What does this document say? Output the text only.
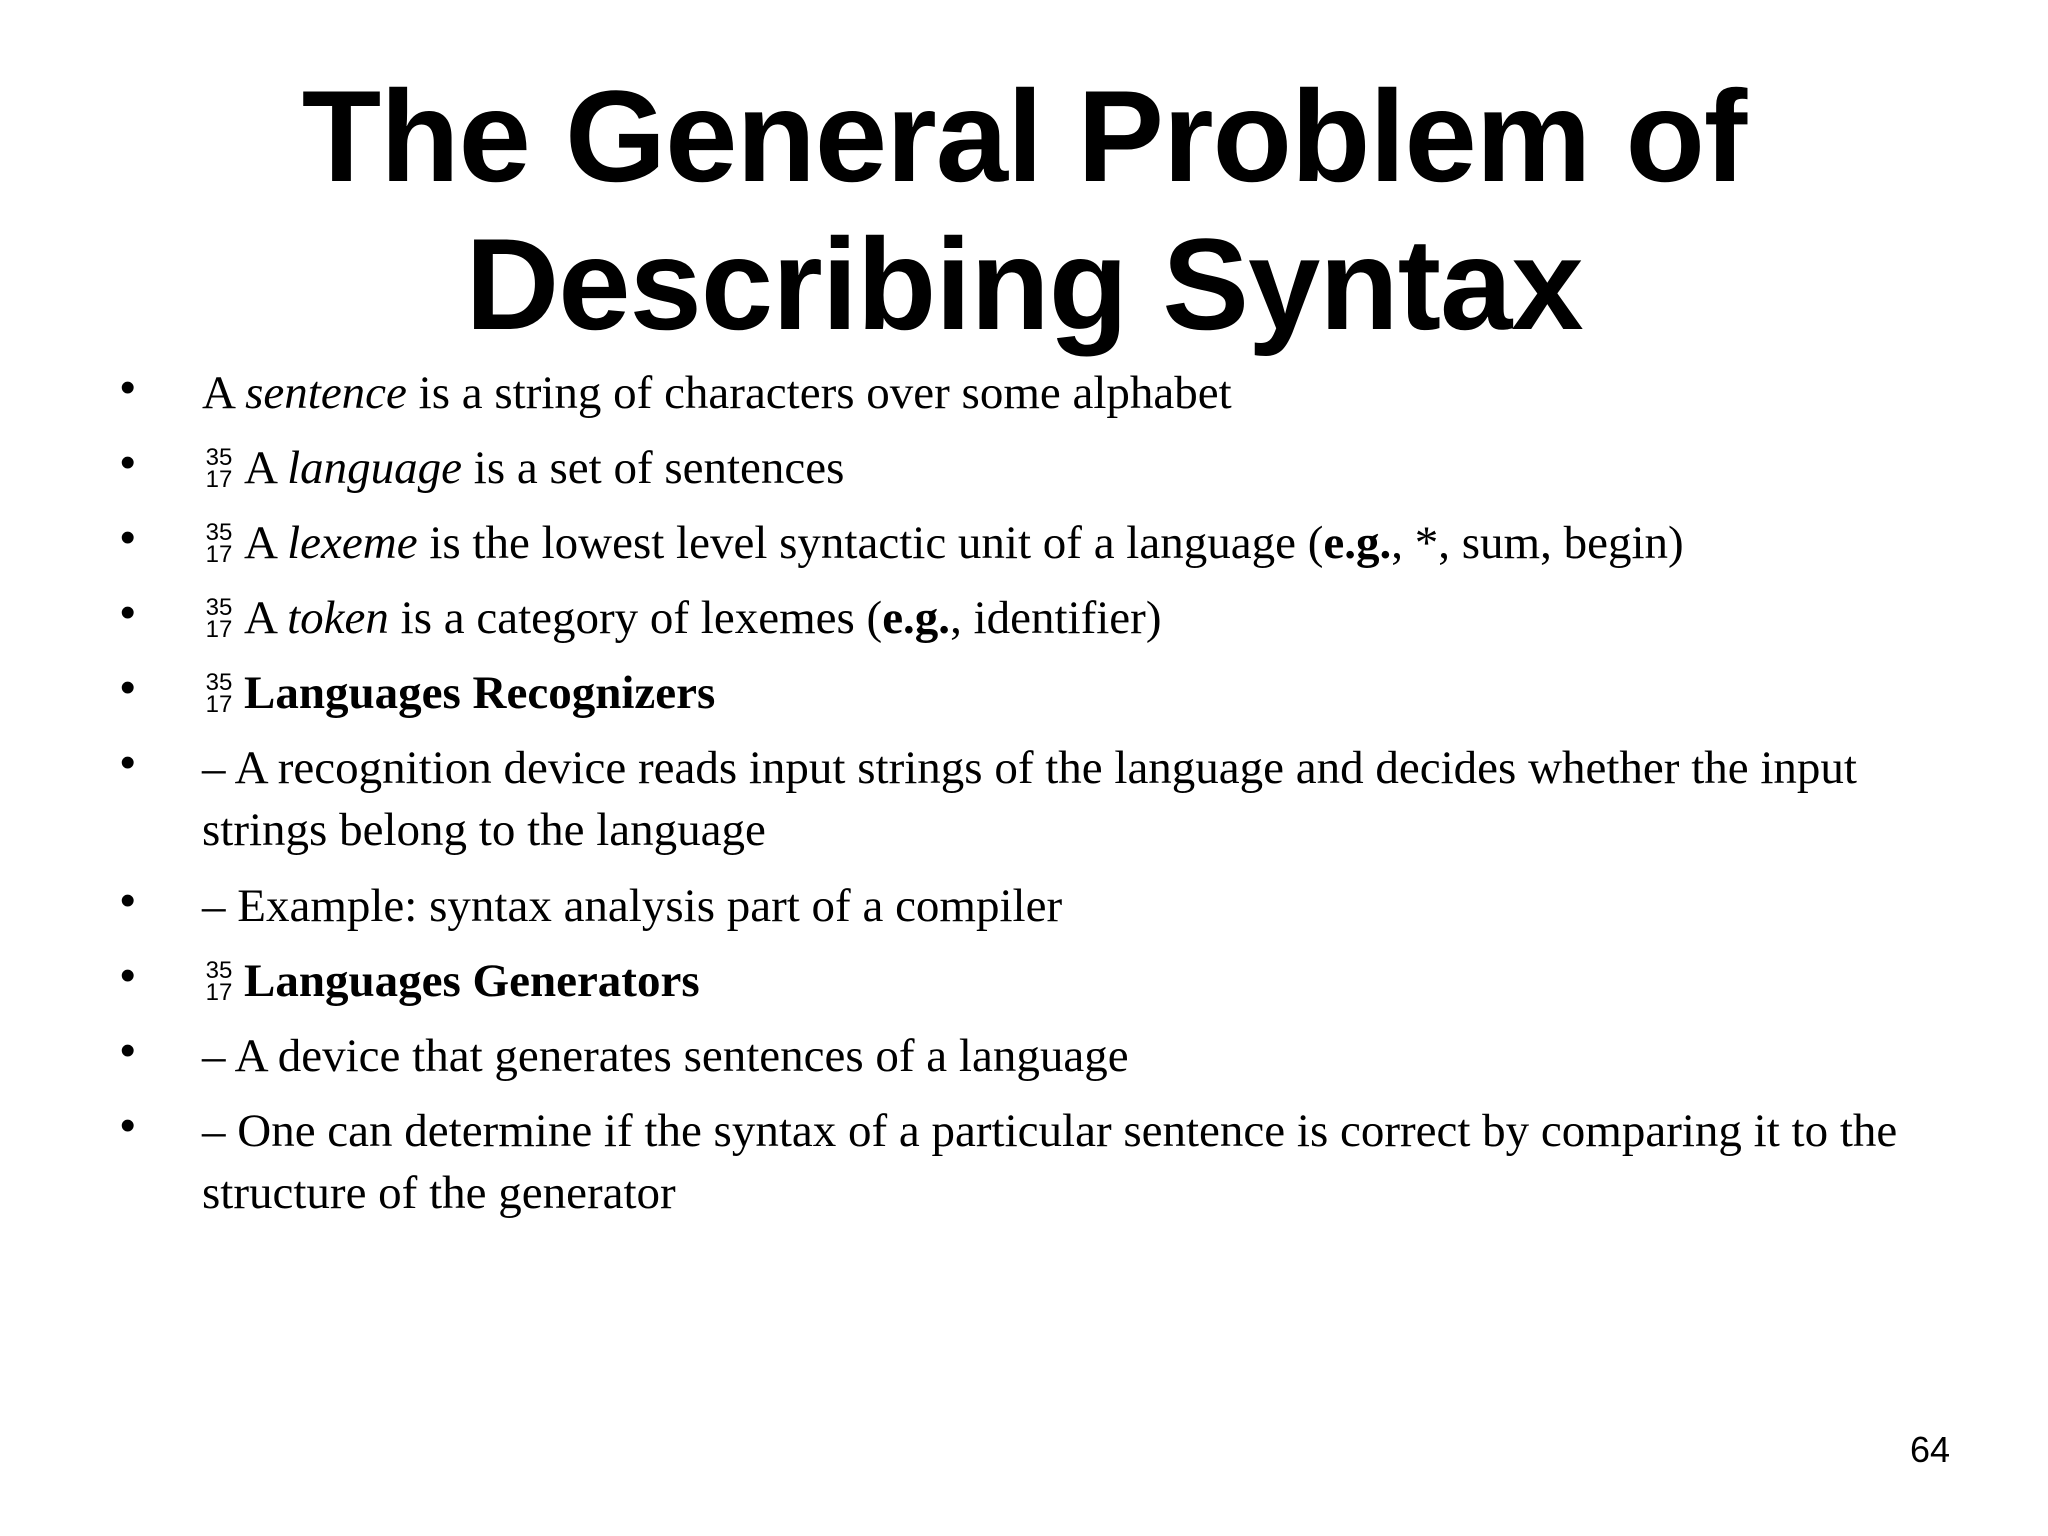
The General Problem of
Describing Syntax
• A sentence is a string of characters over some alphabet
•	35
17 A language is a set of sentences
•	35
17 A lexeme is the lowest level syntactic unit of a language (e.g., *, sum, begin)
•	35
17 A token is a category of lexemes (e.g., identifier)
•	35
17 Languages Recognizers
• – A recognition device reads input strings of the language and decides whether the input strings belong to the language
• – Example: syntax analysis part of a compiler
•	35
17 Languages Generators
• – A device that generates sentences of a language
• – One can determine if the syntax of a particular sentence is correct by comparing it to the structure of the generator
64
